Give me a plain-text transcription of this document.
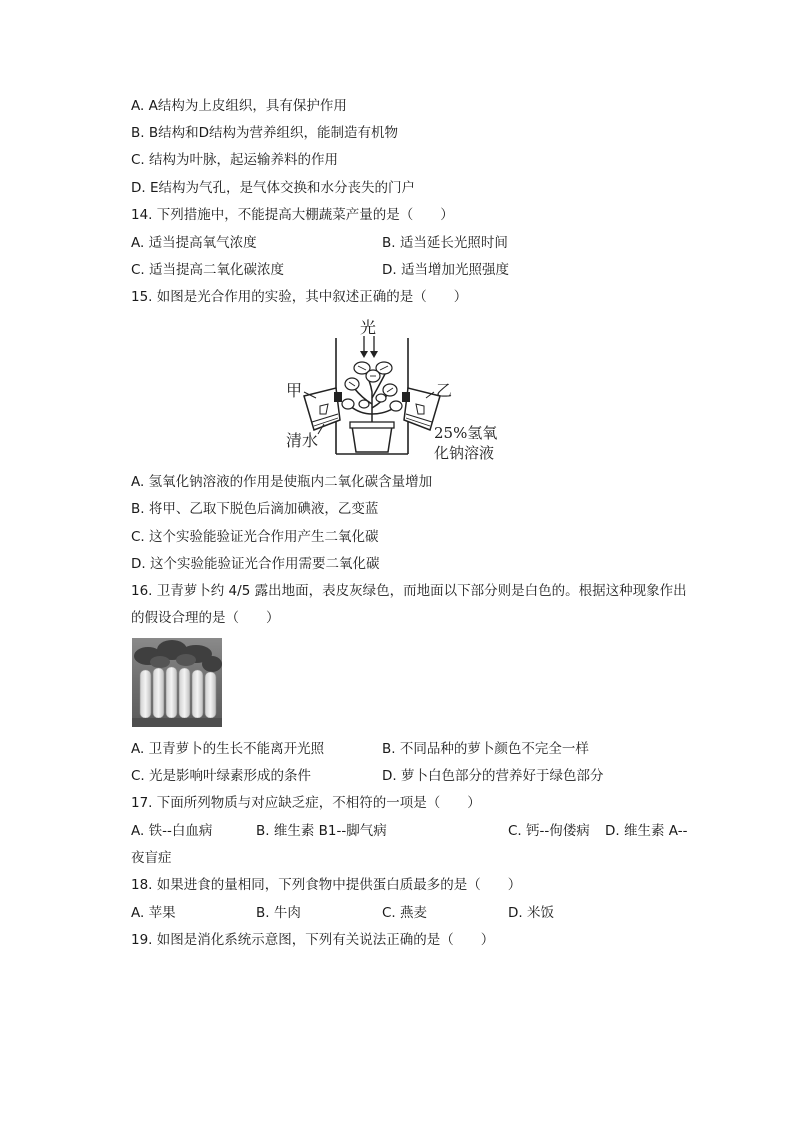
A. A结构为上皮组织，具有保护作用
B. B结构和D结构为营养组织，能制造有机物
C. 结构为叶脉，起运输养料的作用
D. E结构为气孔，是气体交换和水分丧失的门户
14. 下列措施中，不能提高大棚蔬菜产量的是（　　）
A. 适当提高氧气浓度	B. 适当延长光照时间
C. 适当提高二氧化碳浓度	D. 适当增加光照强度
15. 如图是光合作用的实验，其中叙述正确的是（　　）
光
甲
清水
乙
25%氢氧
化钠溶液
A. 氢氧化钠溶液的作用是使瓶内二氧化碳含量增加
B. 将甲、乙取下脱色后滴加碘液，乙变蓝
C. 这个实验能验证光合作用产生二氧化碳
D. 这个实验能验证光合作用需要二氧化碳
16. 卫青萝卜约 4/5 露出地面，表皮灰绿色，而地面以下部分则是白色的。根据这种现象作出
的假设合理的是（　　）
A. 卫青萝卜的生长不能离开光照	B. 不同品种的萝卜颜色不完全一样
C. 光是影响叶绿素形成的条件	D. 萝卜白色部分的营养好于绿色部分
17. 下面所列物质与对应缺乏症，不相符的一项是（　　）
A. 铁--白血病	B. 维生素 B1--脚气病	C. 钙--佝偻病 D. 维生素 A--
夜盲症
18. 如果进食的量相同，下列食物中提供蛋白质最多的是（　　）
A. 苹果	B. 牛肉	C. 燕麦	D. 米饭
19. 如图是消化系统示意图，下列有关说法正确的是（　　）
